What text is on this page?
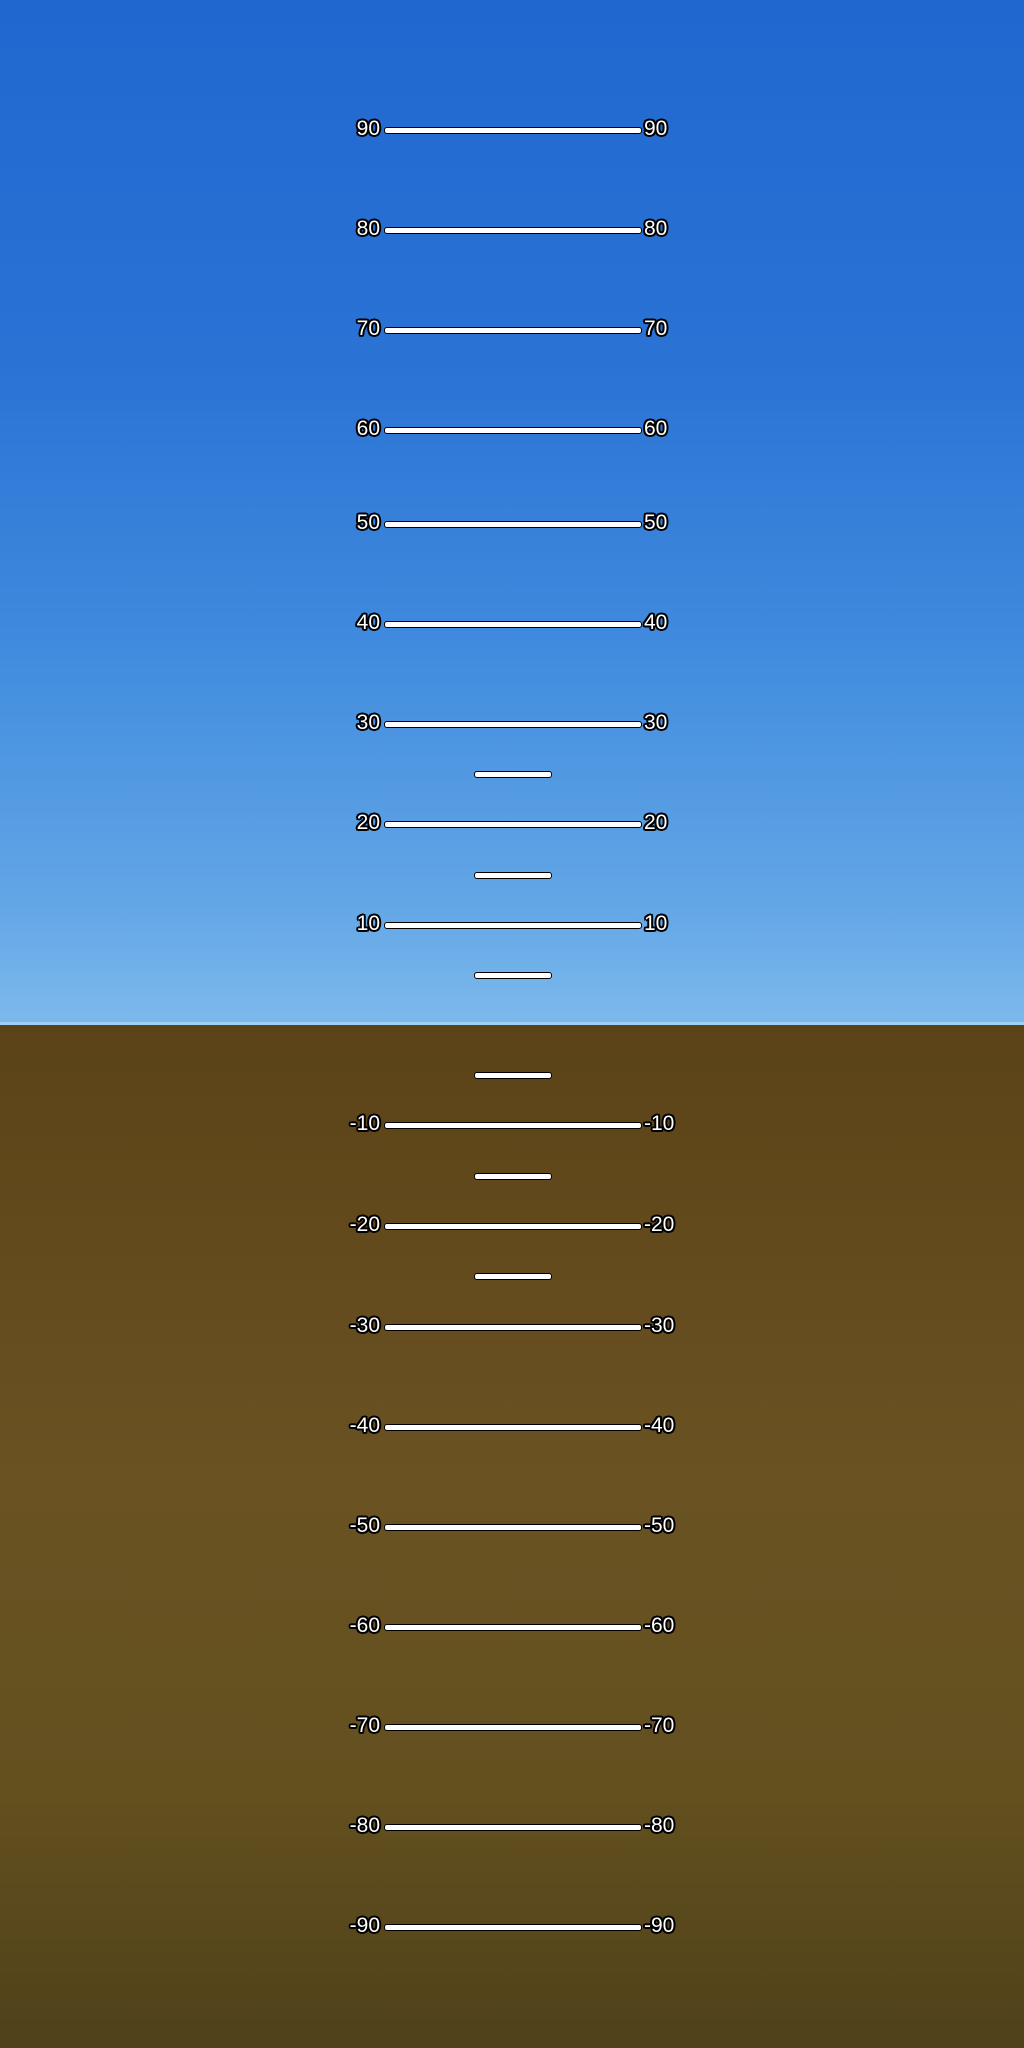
90	90
80	80
70	70
60	60
50	50
40	40
30	30
20	20
10	10
-10	-10
-20	-20
-30	-30
-40	-40
-50	-50
-60	-60
-70	-70
-80	-80
-90	-90
